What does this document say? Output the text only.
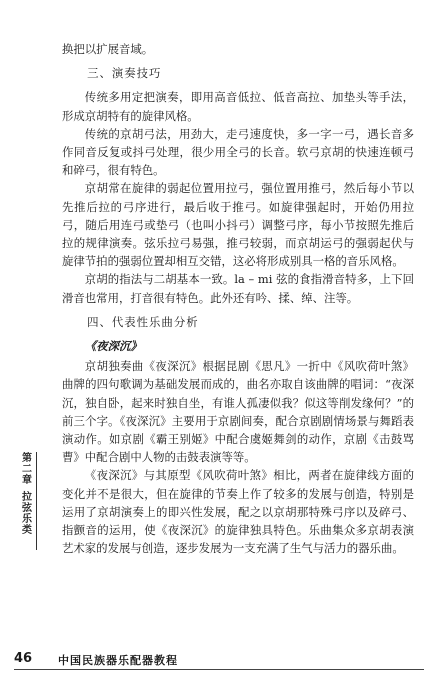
换把以扩展音域。

三、演奏技巧

传统多用定把演奏，即用高音低拉、低音高拉、加垫头等手法，形成京胡特有的旋律风格。

传统的京胡弓法，用劲大，走弓速度快，多一字一弓，遇长音多作同音反复或抖弓处理，很少用全弓的长音。软弓京胡的快速连顿弓和碎弓，很有特色。

京胡常在旋律的弱起位置用拉弓，强位置用推弓，然后每小节以先推后拉的弓序进行，最后收于推弓。如旋律强起时，开始仍用拉弓，随后用连弓或垫弓（也叫小抖弓）调整弓序，每小节按照先推后拉的规律演奏。弦乐拉弓易强，推弓较弱，而京胡运弓的强弱起伏与旋律节拍的强弱位置却相互交错，这必将形成别具一格的音乐风格。

京胡的指法与二胡基本一致。la – mi 弦的食指滑音特多，上下回滑音也常用，打音很有特色。此外还有吟、揉、绰、注等。

四、代表性乐曲分析
《夜深沉》

京胡独奏曲《夜深沉》根据昆剧《思凡》一折中《风吹荷叶煞》曲牌的四句歌调为基础发展而成的，曲名亦取自该曲牌的唱词：“夜深沉，独自卧，起来时独自坐，有谁人孤凄似我？似这等削发缘何？”的前三个字。《夜深沉》主要用于京剧间奏，配合京剧剧情场景与舞蹈表演动作。如京剧《霸王别姬》中配合虞姬舞剑的动作，京剧《击鼓骂曹》中配合剧中人物的击鼓表演等等。

《夜深沉》与其原型《风吹荷叶煞》相比，两者在旋律线方面的变化并不是很大，但在旋律的节奏上作了较多的发展与创造，特别是运用了京胡演奏上的即兴性发展，配之以京胡那特殊弓序以及碎弓、指颤音的运用，使《夜深沉》的旋律独具特色。乐曲集众多京胡表演艺术家的发展与创造，逐步发展为一支充满了生气与活力的器乐曲。

第二章
拉弦乐类
46 中国民族器乐配器教程
